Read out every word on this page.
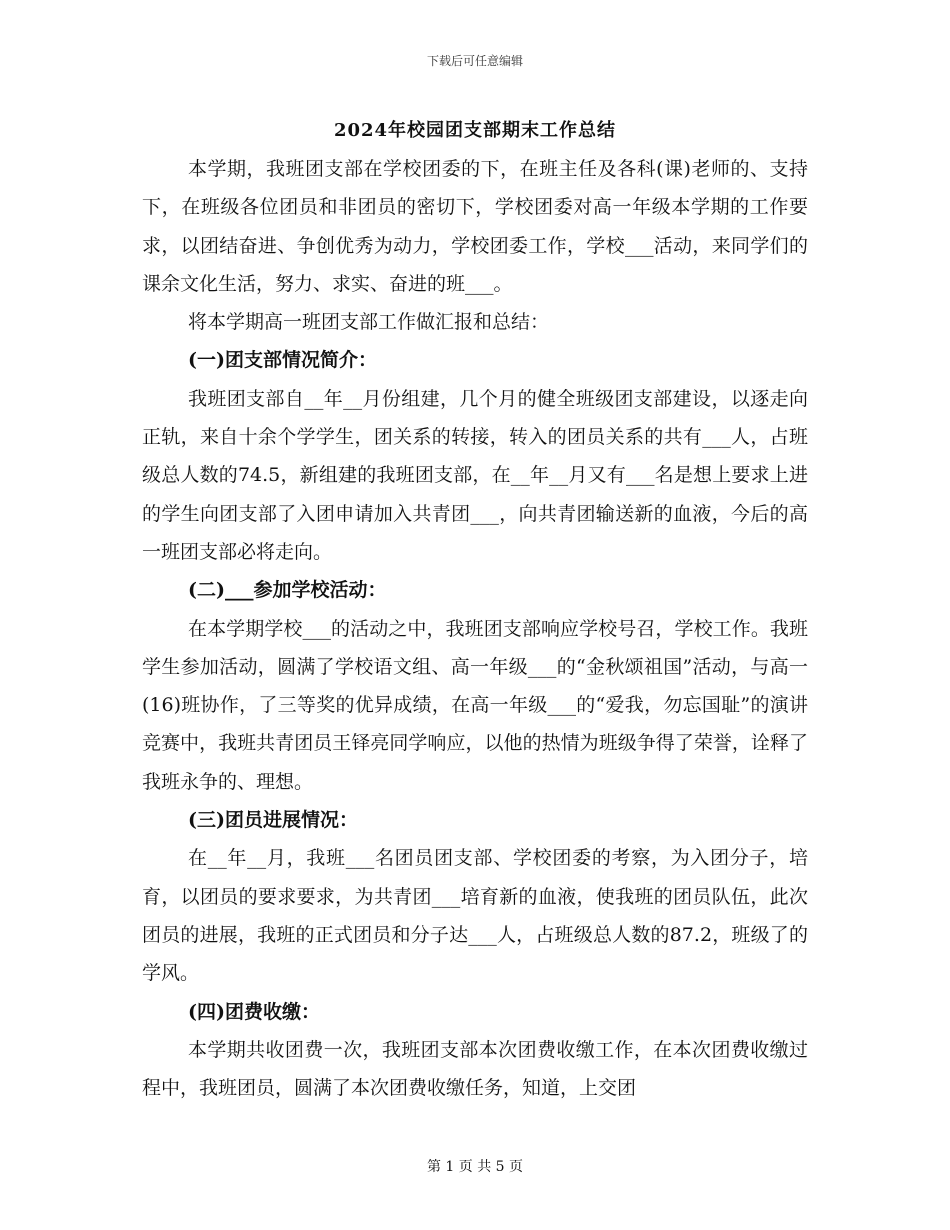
下载后可任意编辑
2024年校园团支部期末工作总结

本学期，我班团支部在学校团委的下，在班主任及各科(课)老师的、支持下，在班级各位团员和非团员的密切下，学校团委对高一年级本学期的工作要求，以团结奋进、争创优秀为动力，学校团委工作，学校___活动，来同学们的课余文化生活，努力、求实、奋进的班___。

将本学期高一班团支部工作做汇报和总结：

(一)团支部情况简介：

我班团支部自__年__月份组建，几个月的健全班级团支部建设，以逐走向正轨，来自十余个学学生，团关系的转接，转入的团员关系的共有___人，占班级总人数的74.5，新组建的我班团支部，在__年__月又有___名是想上要求上进的学生向团支部了入团申请加入共青团___，向共青团输送新的血液，今后的高一班团支部必将走向。

(二)___参加学校活动：

在本学期学校___的活动之中，我班团支部响应学校号召，学校工作。我班学生参加活动，圆满了学校语文组、高一年级___的“金秋颂祖国”活动，与高一(16)班协作，了三等奖的优异成绩，在高一年级___的“爱我，勿忘国耻”的演讲竞赛中，我班共青团员王铎亮同学响应，以他的热情为班级争得了荣誉，诠释了我班永争的、理想。

(三)团员进展情况：

在__年__月，我班___名团员团支部、学校团委的考察，为入团分子，培育，以团员的要求要求，为共青团___培育新的血液，使我班的团员队伍，此次团员的进展，我班的正式团员和分子达___人，占班级总人数的87.2，班级了的学风。

(四)团费收缴：

本学期共收团费一次，我班团支部本次团费收缴工作，在本次团费收缴过程中，我班团员，圆满了本次团费收缴任务，知道，上交团

第 1 页 共 5 页
